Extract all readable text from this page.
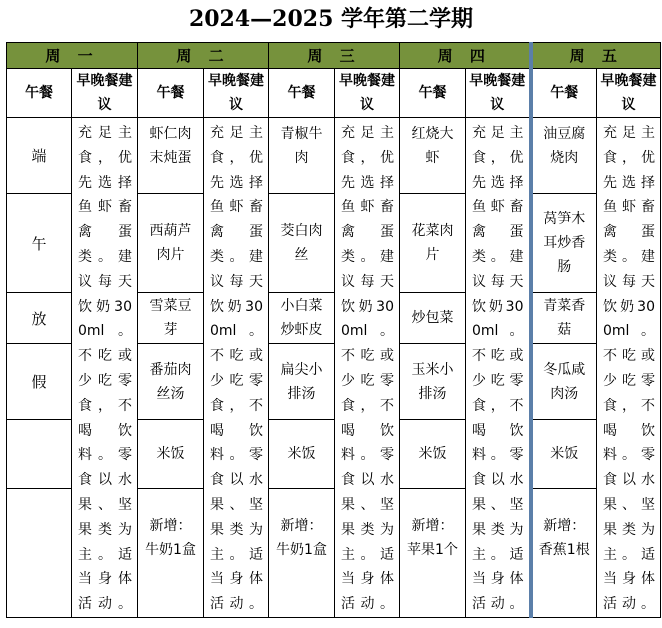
2024—2025 学年第二学期
周 一		周 二		周 三		周 四		周 五	
午餐	早晚餐建议	午餐	早晚餐建议	午餐	早晚餐建议	午餐	早晚餐建议	午餐	早晚餐建议
端	充足主食，优先选择鱼虾畜禽蛋类。建议每天饮奶300ml。不吃或少吃零食，不喝饮料。零食以水果、坚果类为主。适当身体活动。	虾仁肉末炖蛋	充足主食，优先选择鱼虾畜禽蛋类。建议每天饮奶300ml。不吃或少吃零食，不喝饮料。零食以水果、坚果类为主。适当身体活动。	青椒牛肉	充足主食，优先选择鱼虾畜禽蛋类。建议每天饮奶300ml。不吃或少吃零食，不喝饮料。零食以水果、坚果类为主。适当身体活动。	红烧大虾	充足主食，优先选择鱼虾畜禽蛋类。建议每天饮奶300ml。不吃或少吃零食，不喝饮料。零食以水果、坚果类为主。适当身体活动。	油豆腐烧肉	充足主食，优先选择鱼虾畜禽蛋类。建议每天饮奶300ml。不吃或少吃零食，不喝饮料。零食以水果、坚果类为主。适当身体活动。
午		西葫芦肉片		茭白肉丝		花菜肉片		莴笋木耳炒香肠	
放		雪菜豆芽		小白菜炒虾皮		炒包菜		青菜香菇	
假		番茄肉丝汤		扁尖小排汤		玉米小排汤		冬瓜咸肉汤	
		米饭		米饭		米饭		米饭	
		新增：牛奶1盒		新增：牛奶1盒		新增：苹果1个		新增：香蕉1根	
